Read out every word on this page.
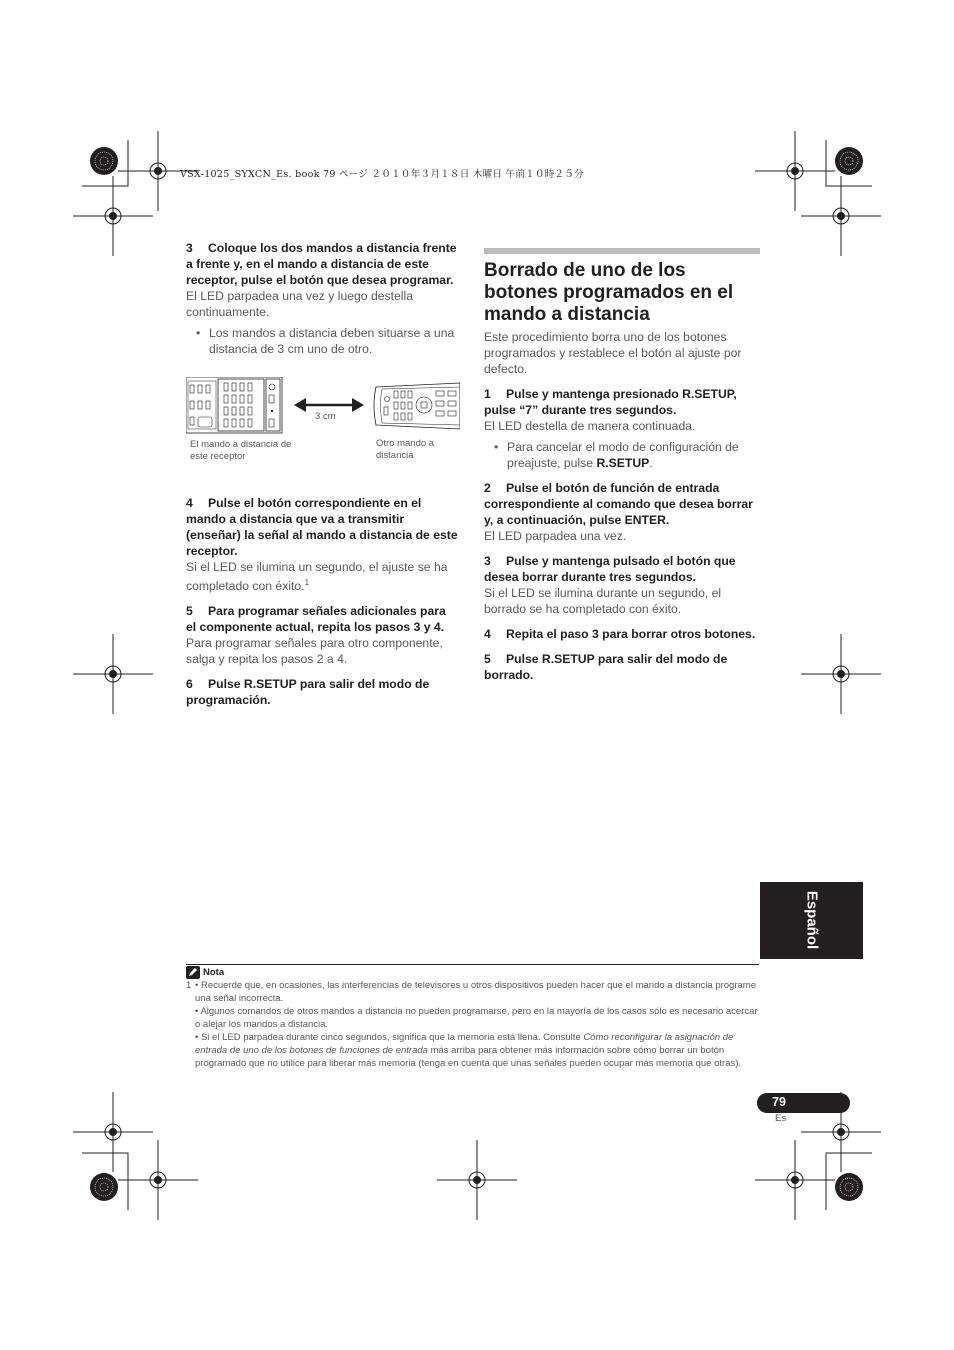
VSX-1025_SYXCN_Es. book 79 ページ ２０１０年３月１８日 木曜日 午前１０時２５分
3 Coloque los dos mandos a distancia frente a frente y, en el mando a distancia de este receptor, pulse el botón que desea programar.
El LED parpadea una vez y luego destella continuamente.
• Los mandos a distancia deben situarse a una distancia de 3 cm uno de otro.
3 cm
El mando a distancia de este receptor
Otro mando a distancia
4 Pulse el botón correspondiente en el mando a distancia que va a transmitir (enseñar) la señal al mando a distancia de este receptor.
Si el LED se ilumina un segundo, el ajuste se ha completado con éxito.$^1$
5 Para programar señales adicionales para el componente actual, repita los pasos 3 y 4.
Para programar señales para otro componente, salga y repita los pasos 2 a 4.
6 Pulse R.SETUP para salir del modo de programación.
Borrado de uno de los botones programados en el mando a distancia
Este procedimiento borra uno de los botones programados y restablece el botón al ajuste por defecto.
1 Pulse y mantenga presionado R.SETUP, pulse “7” durante tres segundos.
El LED destella de manera continuada.
• Para cancelar el modo de configuración de preajuste, pulse R.SETUP.
2 Pulse el botón de función de entrada correspondiente al comando que desea borrar y, a continuación, pulse ENTER.
El LED parpadea una vez.
3 Pulse y mantenga pulsado el botón que desea borrar durante tres segundos.
Si el LED se ilumina durante un segundo, el borrado se ha completado con éxito.
4 Repita el paso 3 para borrar otros botones.
5 Pulse R.SETUP para salir del modo de borrado.
Español
Nota
1 • Recuerde que, en ocasiones, las interferencias de televisores u otros dispositivos pueden hacer que el mando a distancia programe una señal incorrecta.
• Algunos comandos de otros mandos a distancia no pueden programarse, pero en la mayoría de los casos sólo es necesario acercar o alejar los mandos a distancia.
• Si el LED parpadea durante cinco segundos, significa que la memoria está llena. Consulte Cómo reconfigurar la asignación de entrada de uno de los botones de funciones de entrada más arriba para obtener más información sobre cómo borrar un botón programado que no utilice para liberar más memoria (tenga en cuenta que unas señales pueden ocupar más memoria que otras).
79
Es
